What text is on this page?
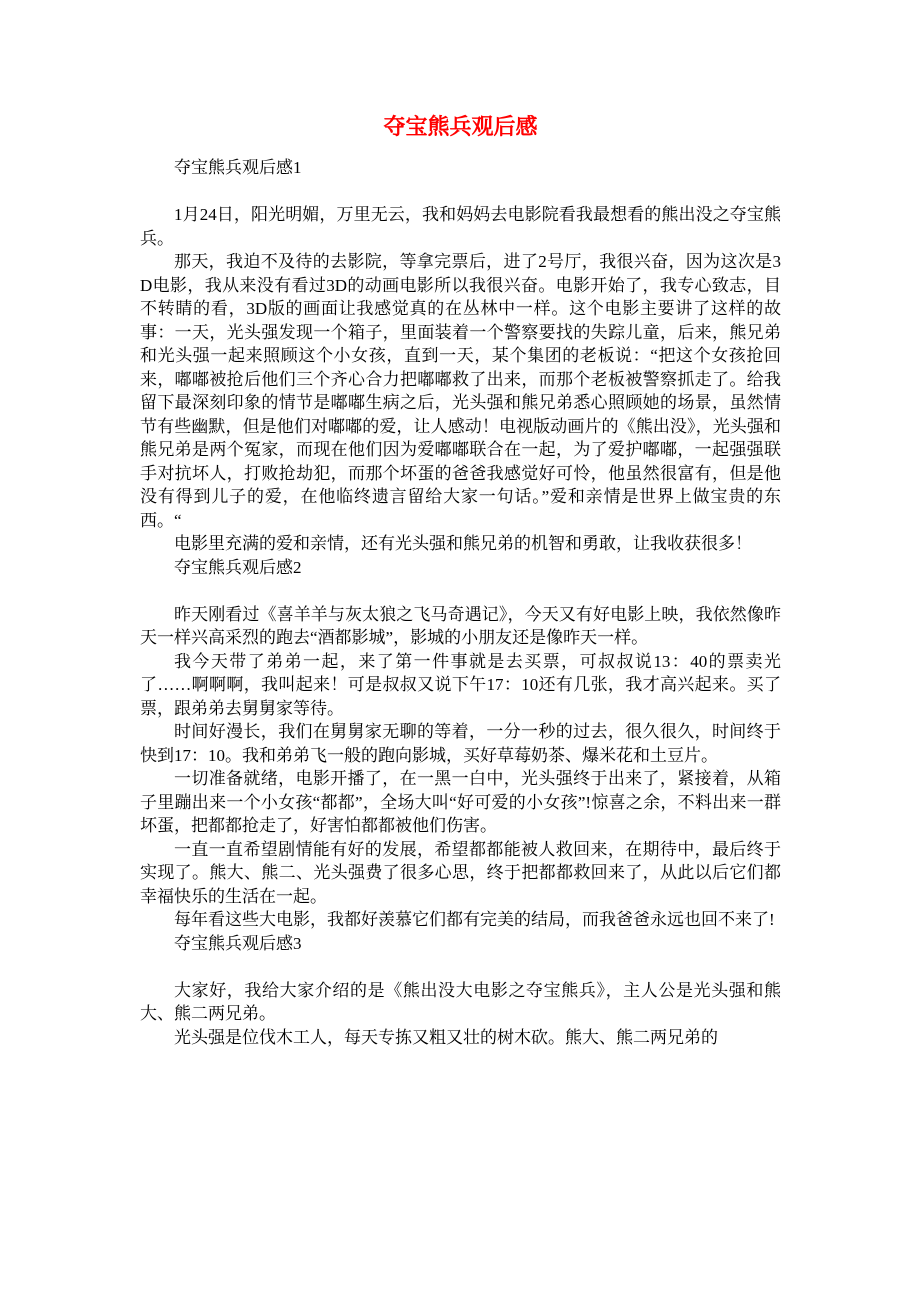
夺宝熊兵观后感

夺宝熊兵观后感1

1月24日，阳光明媚，万里无云，我和妈妈去电影院看我最想看的熊出没之夺宝熊兵。

那天，我迫不及待的去影院，等拿完票后，进了2号厅，我很兴奋，因为这次是3D电影，我从来没有看过3D的动画电影所以我很兴奋。电影开始了，我专心致志，目不转睛的看，3D版的画面让我感觉真的在丛林中一样。这个电影主要讲了这样的故事：一天，光头强发现一个箱子，里面装着一个警察要找的失踪儿童，后来，熊兄弟和光头强一起来照顾这个小女孩，直到一天，某个集团的老板说：“把这个女孩抢回来，嘟嘟被抢后他们三个齐心合力把嘟嘟救了出来，而那个老板被警察抓走了。给我留下最深刻印象的情节是嘟嘟生病之后，光头强和熊兄弟悉心照顾她的场景，虽然情节有些幽默，但是他们对嘟嘟的爱，让人感动！电视版动画片的《熊出没》，光头强和熊兄弟是两个冤家，而现在他们因为爱嘟嘟联合在一起，为了爱护嘟嘟，一起强强联手对抗坏人，打败抢劫犯，而那个坏蛋的爸爸我感觉好可怜，他虽然很富有，但是他没有得到儿子的爱，在他临终遗言留给大家一句话。”爱和亲情是世界上做宝贵的东西。“

电影里充满的爱和亲情，还有光头强和熊兄弟的机智和勇敢，让我收获很多！

夺宝熊兵观后感2

昨天刚看过《喜羊羊与灰太狼之飞马奇遇记》，今天又有好电影上映，我依然像昨天一样兴高采烈的跑去“酒都影城”，影城的小朋友还是像昨天一样。

我今天带了弟弟一起，来了第一件事就是去买票，可叔叔说13：40的票卖光了……啊啊啊，我叫起来！可是叔叔又说下午17：10还有几张，我才高兴起来。买了票，跟弟弟去舅舅家等待。

时间好漫长，我们在舅舅家无聊的等着，一分一秒的过去，很久很久，时间终于快到17：10。我和弟弟飞一般的跑向影城，买好草莓奶茶、爆米花和土豆片。

一切准备就绪，电影开播了，在一黑一白中，光头强终于出来了，紧接着，从箱子里蹦出来一个小女孩“都都”，全场大叫“好可爱的小女孩”!惊喜之余，不料出来一群坏蛋，把都都抢走了，好害怕都都被他们伤害。

一直一直希望剧情能有好的发展，希望都都能被人救回来，在期待中，最后终于实现了。熊大、熊二、光头强费了很多心思，终于把都都救回来了，从此以后它们都幸福快乐的生活在一起。

每年看这些大电影，我都好羡慕它们都有完美的结局，而我爸爸永远也回不来了!

夺宝熊兵观后感3

大家好，我给大家介绍的是《熊出没大电影之夺宝熊兵》，主人公是光头强和熊大、熊二两兄弟。

光头强是位伐木工人，每天专拣又粗又壮的树木砍。熊大、熊二两兄弟的
